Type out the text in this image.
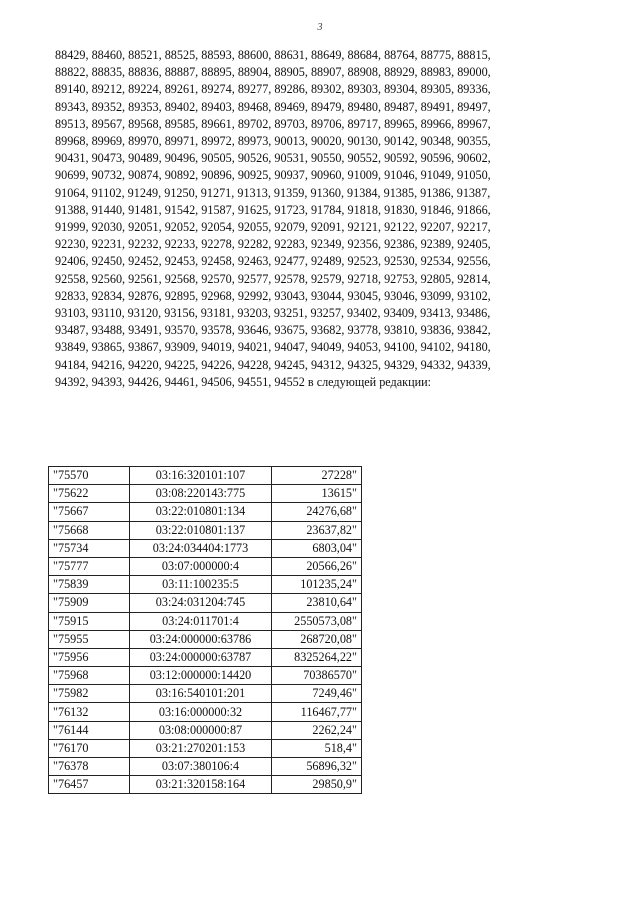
3

88429, 88460, 88521, 88525, 88593, 88600, 88631, 88649, 88684, 88764, 88775, 88815,
88822, 88835, 88836, 88887, 88895, 88904, 88905, 88907, 88908, 88929, 88983, 89000,
89140, 89212, 89224, 89261, 89274, 89277, 89286, 89302, 89303, 89304, 89305, 89336,
89343, 89352, 89353, 89402, 89403, 89468, 89469, 89479, 89480, 89487, 89491, 89497,
89513, 89567, 89568, 89585, 89661, 89702, 89703, 89706, 89717, 89965, 89966, 89967,
89968, 89969, 89970, 89971, 89972, 89973, 90013, 90020, 90130, 90142, 90348, 90355,
90431, 90473, 90489, 90496, 90505, 90526, 90531, 90550, 90552, 90592, 90596, 90602,
90699, 90732, 90874, 90892, 90896, 90925, 90937, 90960, 91009, 91046, 91049, 91050,
91064, 91102, 91249, 91250, 91271, 91313, 91359, 91360, 91384, 91385, 91386, 91387,
91388, 91440, 91481, 91542, 91587, 91625, 91723, 91784, 91818, 91830, 91846, 91866,
91999, 92030, 92051, 92052, 92054, 92055, 92079, 92091, 92121, 92122, 92207, 92217,
92230, 92231, 92232, 92233, 92278, 92282, 92283, 92349, 92356, 92386, 92389, 92405,
92406, 92450, 92452, 92453, 92458, 92463, 92477, 92489, 92523, 92530, 92534, 92556,
92558, 92560, 92561, 92568, 92570, 92577, 92578, 92579, 92718, 92753, 92805, 92814,
92833, 92834, 92876, 92895, 92968, 92992, 93043, 93044, 93045, 93046, 93099, 93102,
93103, 93110, 93120, 93156, 93181, 93203, 93251, 93257, 93402, 93409, 93413, 93486,
93487, 93488, 93491, 93570, 93578, 93646, 93675, 93682, 93778, 93810, 93836, 93842,
93849, 93865, 93867, 93909, 94019, 94021, 94047, 94049, 94053, 94100, 94102, 94180,
94184, 94216, 94220, 94225, 94226, 94228, 94245, 94312, 94325, 94329, 94332, 94339,
94392, 94393, 94426, 94461, 94506, 94551, 94552 в следующей редакции:

"75570	03:16:320101:107	27228"
"75622	03:08:220143:775	13615"
"75667	03:22:010801:134	24276,68"
"75668	03:22:010801:137	23637,82"
"75734	03:24:034404:1773	6803,04"
"75777	03:07:000000:4	20566,26"
"75839	03:11:100235:5	101235,24"
"75909	03:24:031204:745	23810,64"
"75915	03:24:011701:4	2550573,08"
"75955	03:24:000000:63786	268720,08"
"75956	03:24:000000:63787	8325264,22"
"75968	03:12:000000:14420	70386570"
"75982	03:16:540101:201	7249,46"
"76132	03:16:000000:32	116467,77"
"76144	03:08:000000:87	2262,24"
"76170	03:21:270201:153	518,4"
"76378	03:07:380106:4	56896,32"
"76457	03:21:320158:164	29850,9"
